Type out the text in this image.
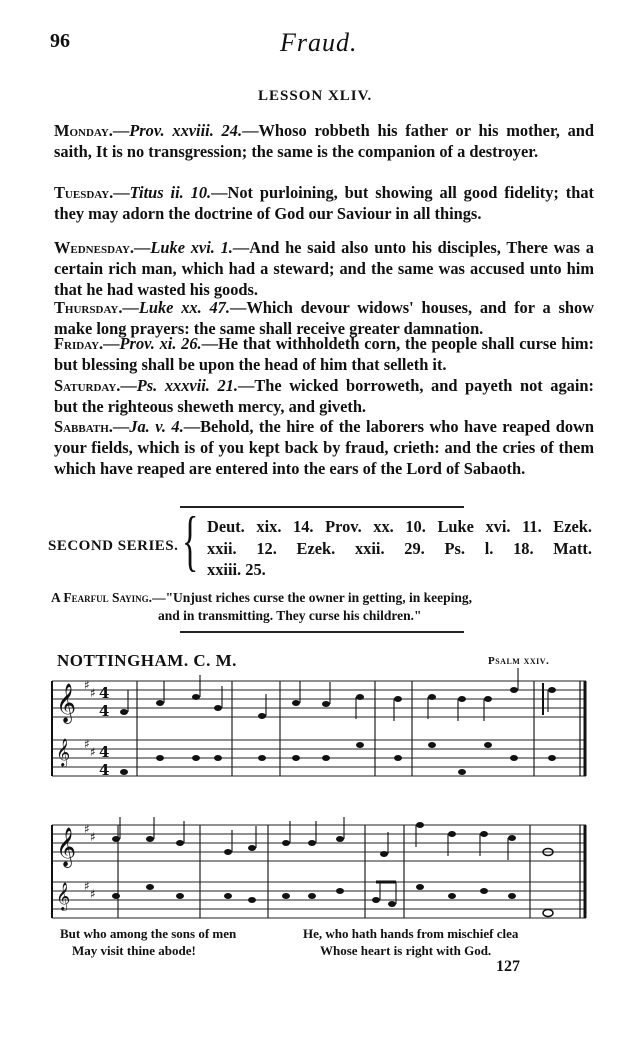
96	Fraud.
LESSON XLIV.
Monday.—Prov. xxviii. 24.—Whoso robbeth his father or his mother, and saith, It is no transgression; the same is the companion of a destroyer.
Tuesday.—Titus ii. 10.—Not purloining, but showing all good fidelity; that they may adorn the doctrine of God our Saviour in all things.
Wednesday.—Luke xvi. 1.—And he said also unto his disciples, There was a certain rich man, which had a steward; and the same was accused unto him that he had wasted his goods.
Thursday.—Luke xx. 47.—Which devour widows' houses, and for a show make long prayers: the same shall receive greater damnation.
Friday.—Prov. xi. 26.—He that withholdeth corn, the people shall curse him: but blessing shall be upon the head of him that selleth it.
Saturday.—Ps. xxxvii. 21.—The wicked borroweth, and payeth not again: but the righteous sheweth mercy, and giveth.
Sabbath.—Ja. v. 4.—Behold, the hire of the laborers who have reaped down your fields, which is of you kept back by fraud, crieth: and the cries of them which have reaped are entered into the ears of the Lord of Sabaoth.
SECOND SERIES. { Deut. xix. 14. Prov. xx. 10. Luke xvi. 11. Ezek.
xxii. 12. Ezek. xxii. 29. Ps. l. 18. Matt.
xxiii. 25.
A Fearful Saying.—"Unjust riches curse the owner in getting, in keeping,
and in transmitting. They curse his children."
NOTTINGHAM. C. M.	Psalm xxiv.
𝄞
𝄞
𝄞
𝄞
♯
♯
♯
♯
♯
♯
♯
♯
4
4
4
4
But who among the sons of men
May visit thine abode!
He, who hath hands from mischief clea
Whose heart is right with God.
127
